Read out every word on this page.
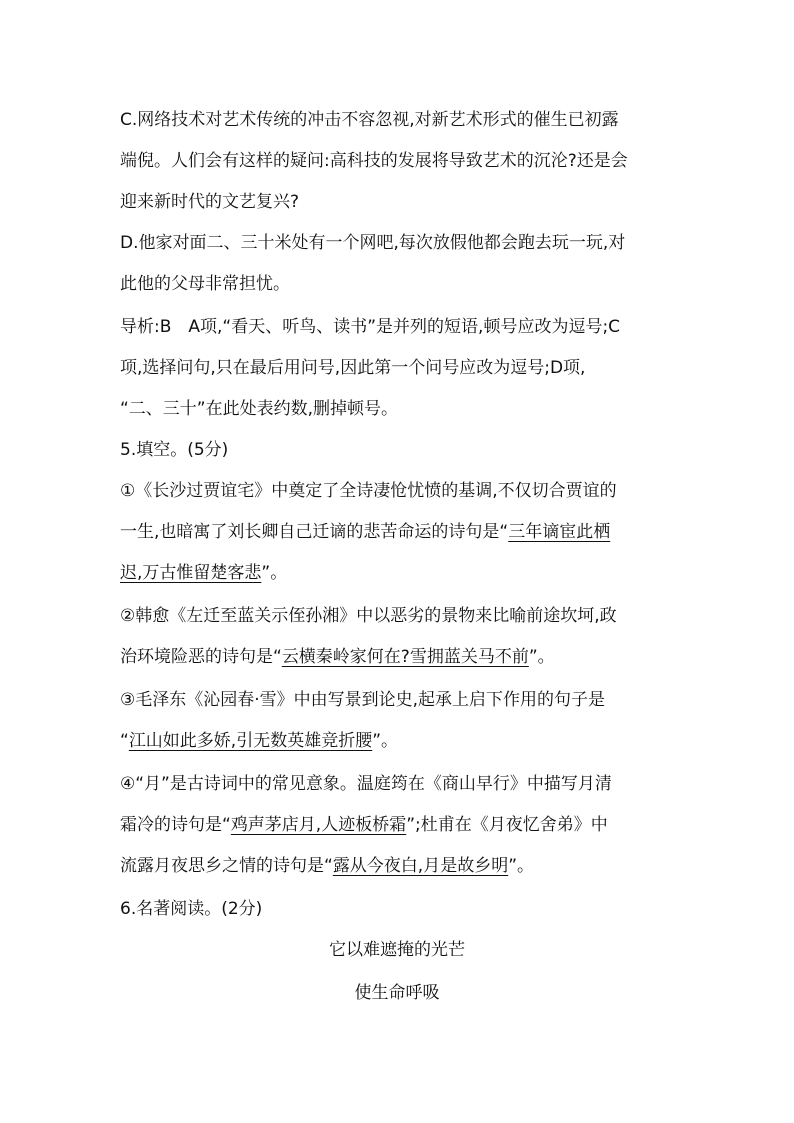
C.网络技术对艺术传统的冲击不容忽视,对新艺术形式的催生已初露
端倪。人们会有这样的疑问:高科技的发展将导致艺术的沉沦?还是会
迎来新时代的文艺复兴?
D.他家对面二、三十米处有一个网吧,每次放假他都会跑去玩一玩,对
此他的父母非常担忧。
导析:B　A项,“看天、听鸟、读书”是并列的短语,顿号应改为逗号;C
项,选择问句,只在最后用问号,因此第一个问号应改为逗号;D项,
“二、三十”在此处表约数,删掉顿号。
5.填空。(5分)
①《长沙过贾谊宅》中奠定了全诗凄怆忧愤的基调,不仅切合贾谊的
一生,也暗寓了刘长卿自己迁谪的悲苦命运的诗句是“三年谪宦此栖
迟,万古惟留楚客悲”。
②韩愈《左迁至蓝关示侄孙湘》中以恶劣的景物来比喻前途坎坷,政
治环境险恶的诗句是“云横秦岭家何在?雪拥蓝关马不前”。
③毛泽东《沁园春·雪》中由写景到论史,起承上启下作用的句子是
“江山如此多娇,引无数英雄竞折腰”。
④“月”是古诗词中的常见意象。温庭筠在《商山早行》中描写月清
霜冷的诗句是“鸡声茅店月,人迹板桥霜”;杜甫在《月夜忆舍弟》中
流露月夜思乡之情的诗句是“露从今夜白,月是故乡明”。
6.名著阅读。(2分)
它以难遮掩的光芒
使生命呼吸
